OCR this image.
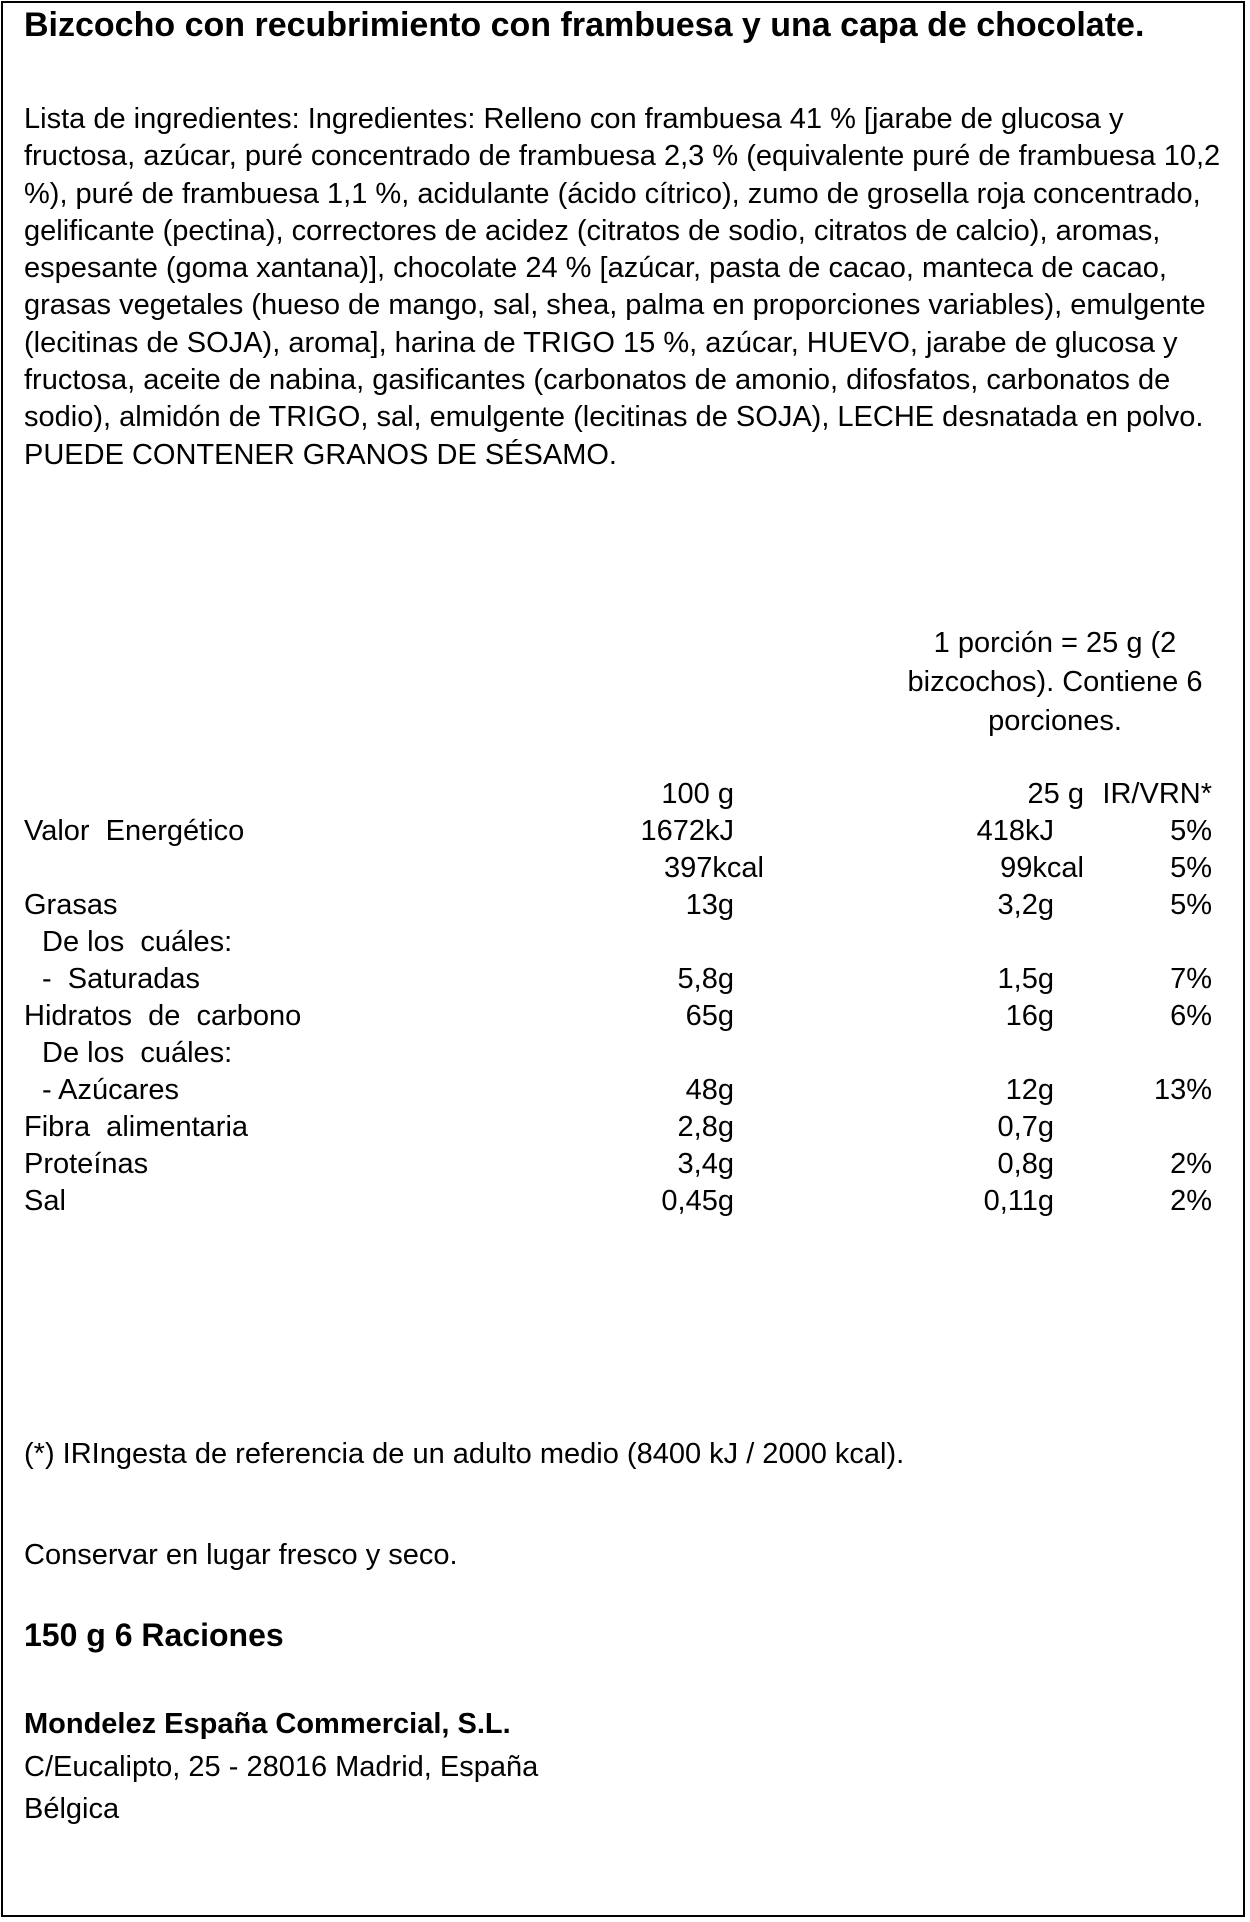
Bizcocho con recubrimiento con frambuesa y una capa de chocolate.
Lista de ingredientes: Ingredientes: Relleno con frambuesa 41 % [jarabe de glucosa y fructosa, azúcar, puré concentrado de frambuesa 2,3 % (equivalente puré de frambuesa 10,2 %), puré de frambuesa 1,1 %, acidulante (ácido cítrico), zumo de grosella roja concentrado, gelificante (pectina), correctores de acidez (citratos de sodio, citratos de calcio), aromas, espesante (goma xantana)], chocolate 24 % [azúcar, pasta de cacao, manteca de cacao, grasas vegetales (hueso de mango, sal, shea, palma en proporciones variables), emulgente (lecitinas de SOJA), aroma], harina de TRIGO 15 %, azúcar, HUEVO, jarabe de glucosa y fructosa, aceite de nabina, gasificantes (carbonatos de amonio, difosfatos, carbonatos de sodio), almidón de TRIGO, sal, emulgente (lecitinas de SOJA), LECHE desnatada en polvo. PUEDE CONTENER GRANOS DE SÉSAMO.
1 porción = 25 g (2 bizcochos). Contiene 6 porciones.
100 g	25 g IR/VRN*
Valor  Energético	1672kJ	418kJ	5%
397kcal	99kcal	5%
Grasas	13g	3,2g	5%
De los  cuáles:
-  Saturadas	5,8g	1,5g	7%
Hidratos  de  carbono	65g	16g	6%
De los  cuáles:
- Azúcares	48g	12g	13%
Fibra  alimentaria	2,8g	0,7g
Proteínas	3,4g	0,8g	2%
Sal	0,45g	0,11g	2%
(*) IRIngesta de referencia de un adulto medio (8400 kJ / 2000 kcal).
Conservar en lugar fresco y seco.
150 g 6 Raciones
Mondelez España Commercial, S.L.
C/Eucalipto, 25 - 28016 Madrid, España
Bélgica
